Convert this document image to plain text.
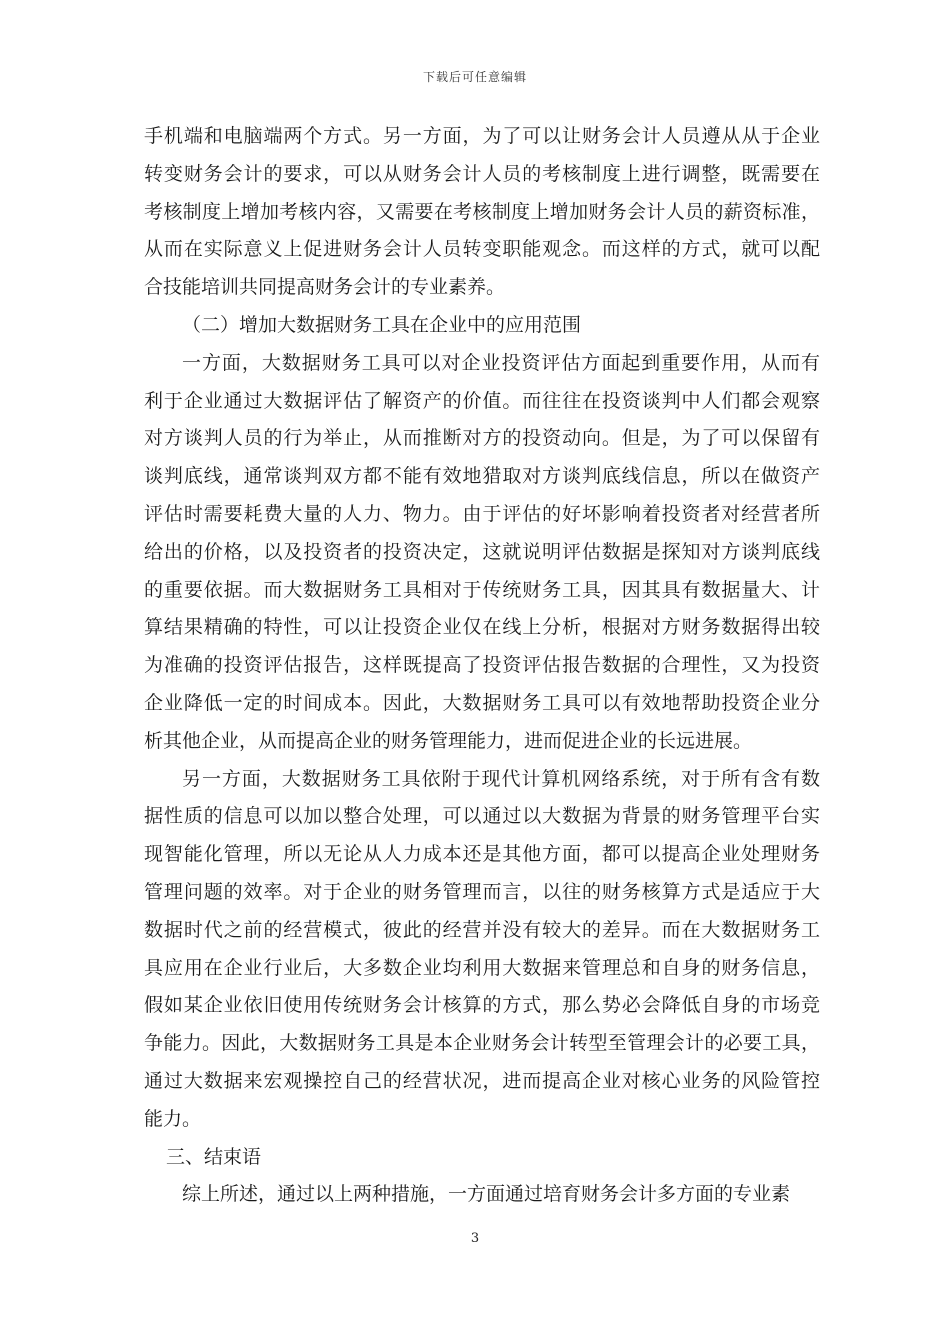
下载后可任意编辑
手机端和电脑端两个方式。另一方面，为了可以让财务会计人员遵从从于企业
转变财务会计的要求，可以从财务会计人员的考核制度上进行调整，既需要在
考核制度上增加考核内容，又需要在考核制度上增加财务会计人员的薪资标准，
从而在实际意义上促进财务会计人员转变职能观念。而这样的方式，就可以配
合技能培训共同提高财务会计的专业素养。
（二）增加大数据财务工具在企业中的应用范围
一方面，大数据财务工具可以对企业投资评估方面起到重要作用，从而有
利于企业通过大数据评估了解资产的价值。而往往在投资谈判中人们都会观察
对方谈判人员的行为举止，从而推断对方的投资动向。但是，为了可以保留有
谈判底线，通常谈判双方都不能有效地猎取对方谈判底线信息，所以在做资产
评估时需要耗费大量的人力、物力。由于评估的好坏影响着投资者对经营者所
给出的价格，以及投资者的投资决定，这就说明评估数据是探知对方谈判底线
的重要依据。而大数据财务工具相对于传统财务工具，因其具有数据量大、计
算结果精确的特性，可以让投资企业仅在线上分析，根据对方财务数据得出较
为准确的投资评估报告，这样既提高了投资评估报告数据的合理性，又为投资
企业降低一定的时间成本。因此，大数据财务工具可以有效地帮助投资企业分
析其他企业，从而提高企业的财务管理能力，进而促进企业的长远进展。
另一方面，大数据财务工具依附于现代计算机网络系统，对于所有含有数
据性质的信息可以加以整合处理，可以通过以大数据为背景的财务管理平台实
现智能化管理，所以无论从人力成本还是其他方面，都可以提高企业处理财务
管理问题的效率。对于企业的财务管理而言，以往的财务核算方式是适应于大
数据时代之前的经营模式，彼此的经营并没有较大的差异。而在大数据财务工
具应用在企业行业后，大多数企业均利用大数据来管理总和自身的财务信息，
假如某企业依旧使用传统财务会计核算的方式，那么势必会降低自身的市场竞
争能力。因此，大数据财务工具是本企业财务会计转型至管理会计的必要工具，
通过大数据来宏观操控自己的经营状况，进而提高企业对核心业务的风险管控
能力。
三、结束语
综上所述，通过以上两种措施，一方面通过培育财务会计多方面的专业素
3
